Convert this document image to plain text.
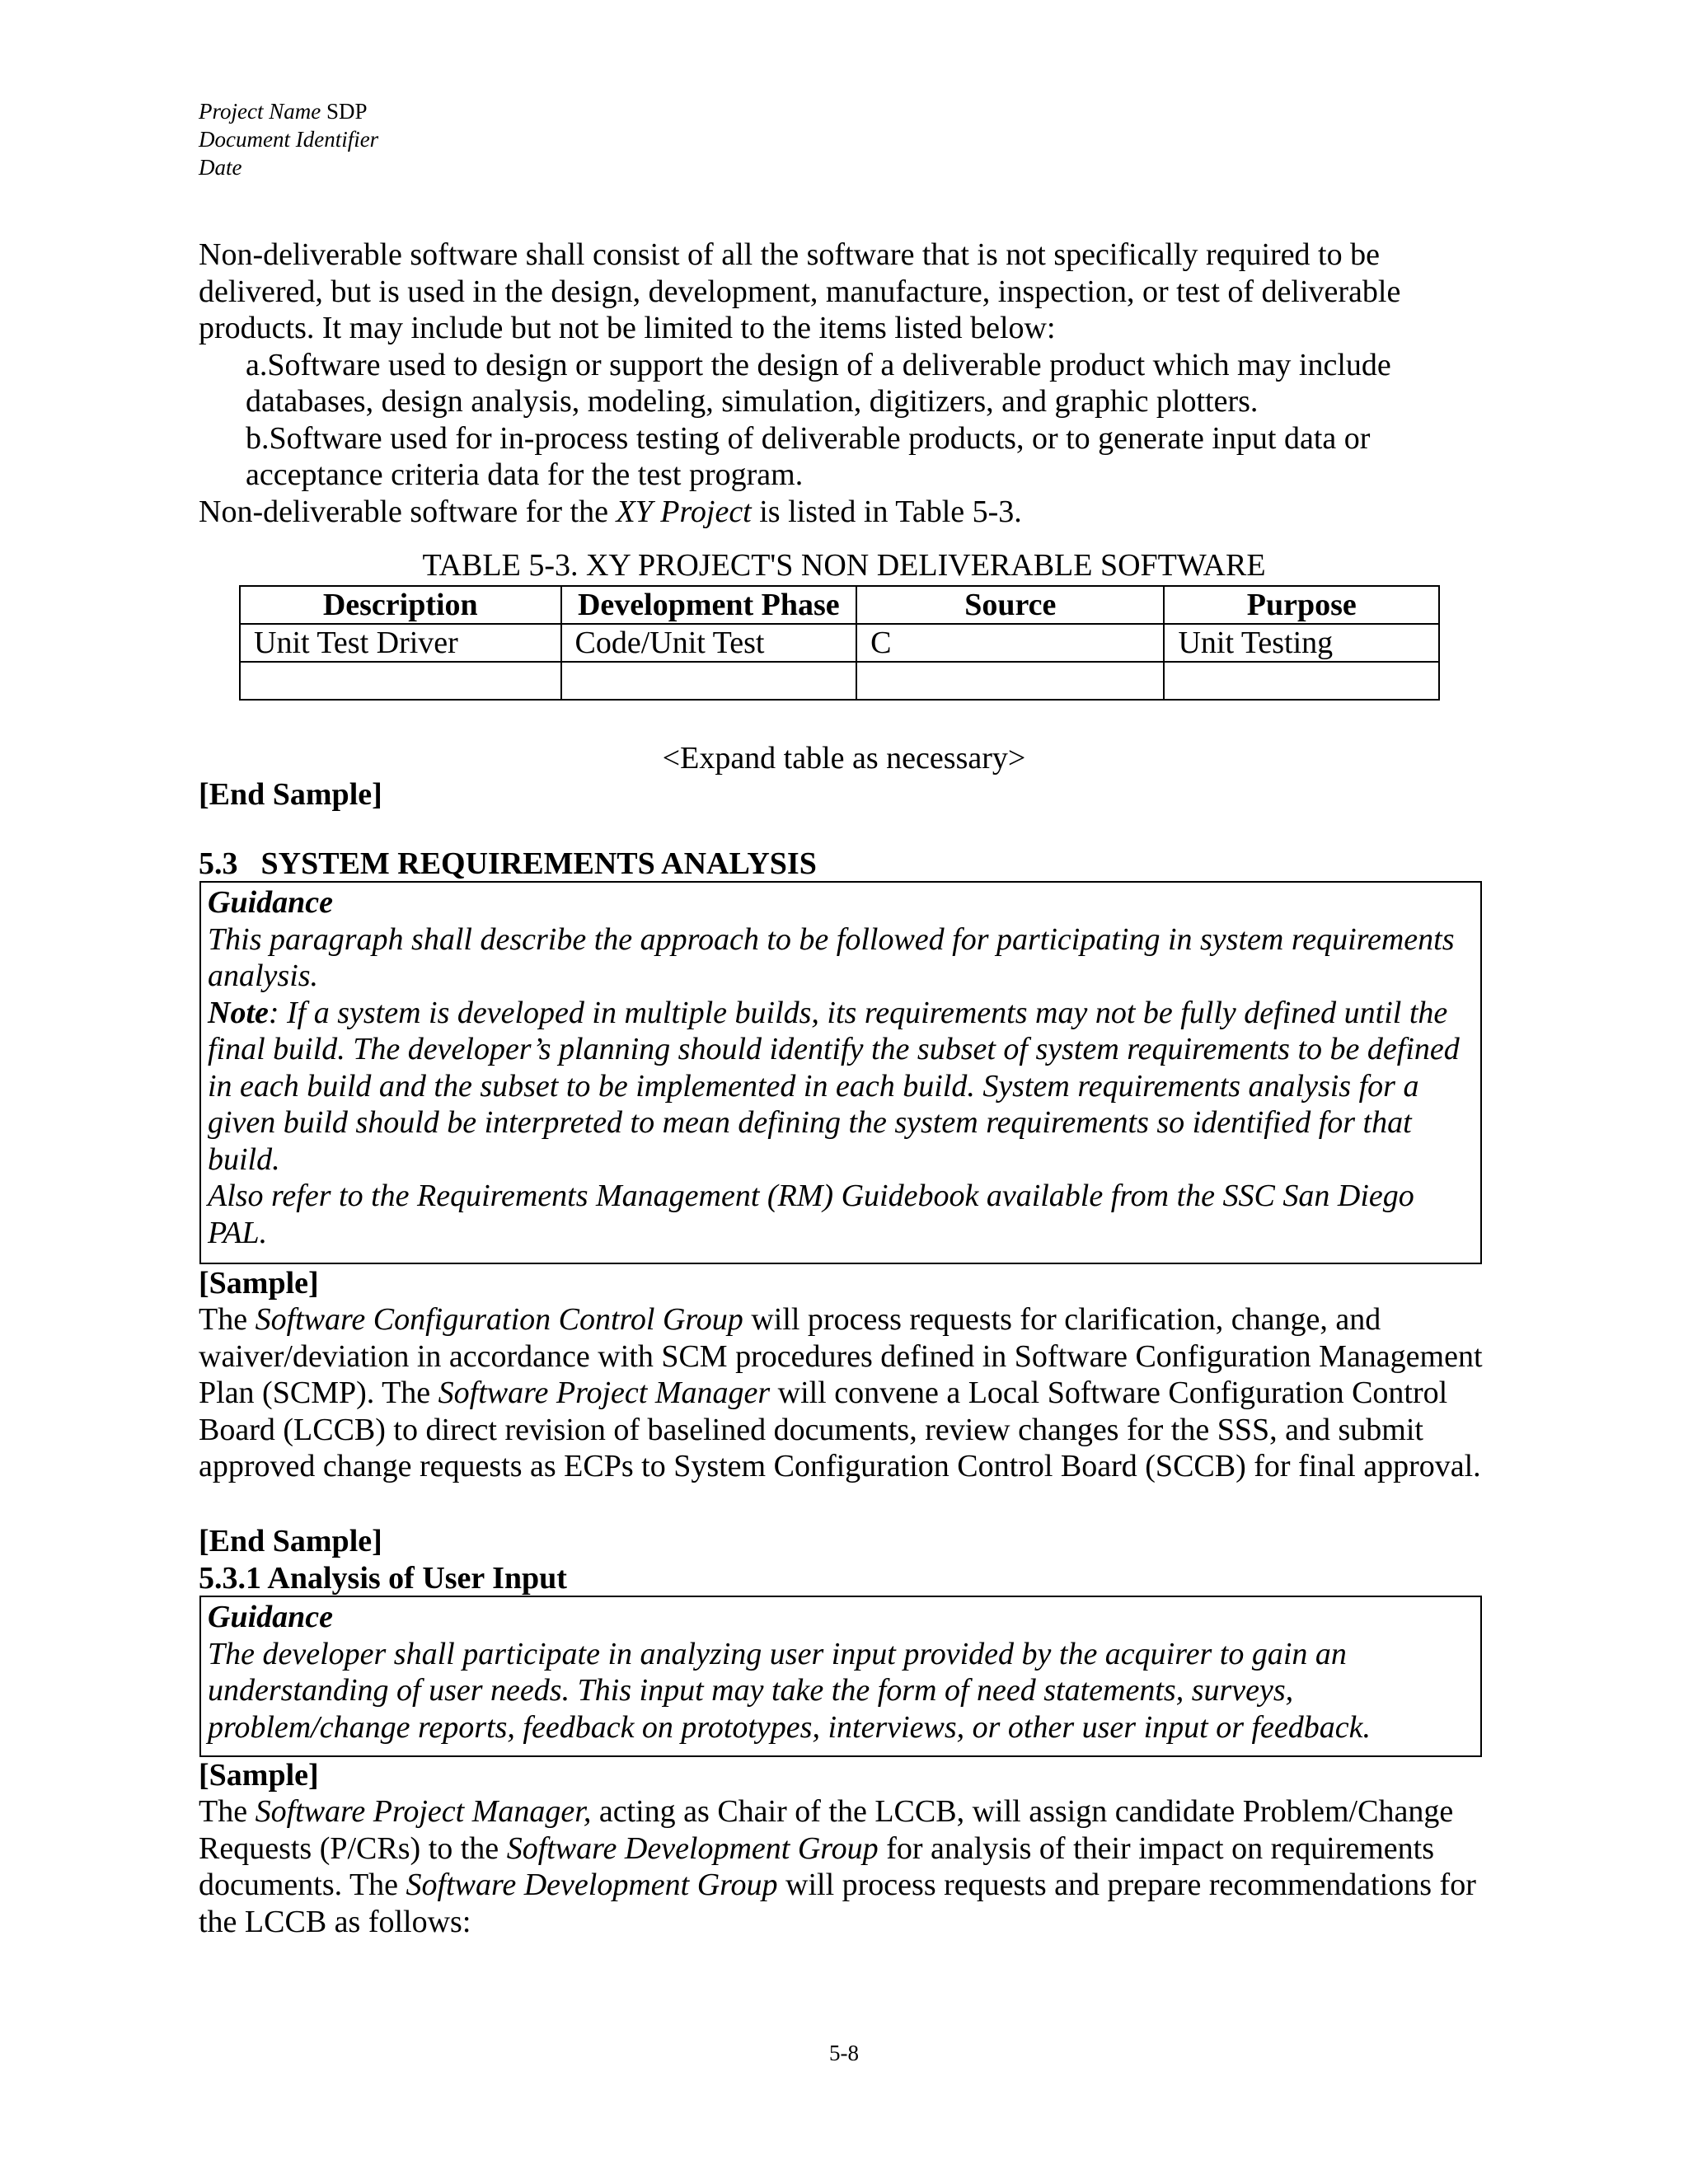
Project Name SDP
Document Identifier
Date

Non-deliverable software shall consist of all the software that is not specifically required to be delivered, but is used in the design, development, manufacture, inspection, or test of deliverable products. It may include but not be limited to the items listed below:

a.Software used to design or support the design of a deliverable product which may include databases, design analysis, modeling, simulation, digitizers, and graphic plotters.

b.Software used for in-process testing of deliverable products, or to generate input data or acceptance criteria data for the test program.

Non-deliverable software for the XY Project is listed in Table 5-3.

TABLE 5-3. XY PROJECT'S NON DELIVERABLE SOFTWARE
Description	Development Phase	Source	Purpose
Unit Test Driver	Code/Unit Test	C	Unit Testing

<Expand table as necessary>
[End Sample]
5.3 SYSTEM REQUIREMENTS ANALYSIS
Guidance
This paragraph shall describe the approach to be followed for participating in system requirements analysis.
Note: If a system is developed in multiple builds, its requirements may not be fully defined until the final build. The developer’s planning should identify the subset of system requirements to be defined in each build and the subset to be implemented in each build. System requirements analysis for a given build should be interpreted to mean defining the system requirements so identified for that build.
Also refer to the Requirements Management (RM) Guidebook available from the SSC San Diego PAL.
[Sample]

The Software Configuration Control Group will process requests for clarification, change, and waiver/deviation in accordance with SCM procedures defined in Software Configuration Management Plan (SCMP). The Software Project Manager will convene a Local Software Configuration Control Board (LCCB) to direct revision of baselined documents, review changes for the SSS, and submit approved change requests as ECPs to System Configuration Control Board (SCCB) for final approval.

[End Sample]
5.3.1 Analysis of User Input
Guidance
The developer shall participate in analyzing user input provided by the acquirer to gain an understanding of user needs. This input may take the form of need statements, surveys, problem/change reports, feedback on prototypes, interviews, or other user input or feedback.
[Sample]

The Software Project Manager, acting as Chair of the LCCB, will assign candidate Problem/Change Requests (P/CRs) to the Software Development Group for analysis of their impact on requirements documents. The Software Development Group will process requests and prepare recommendations for the LCCB as follows:

5-8
